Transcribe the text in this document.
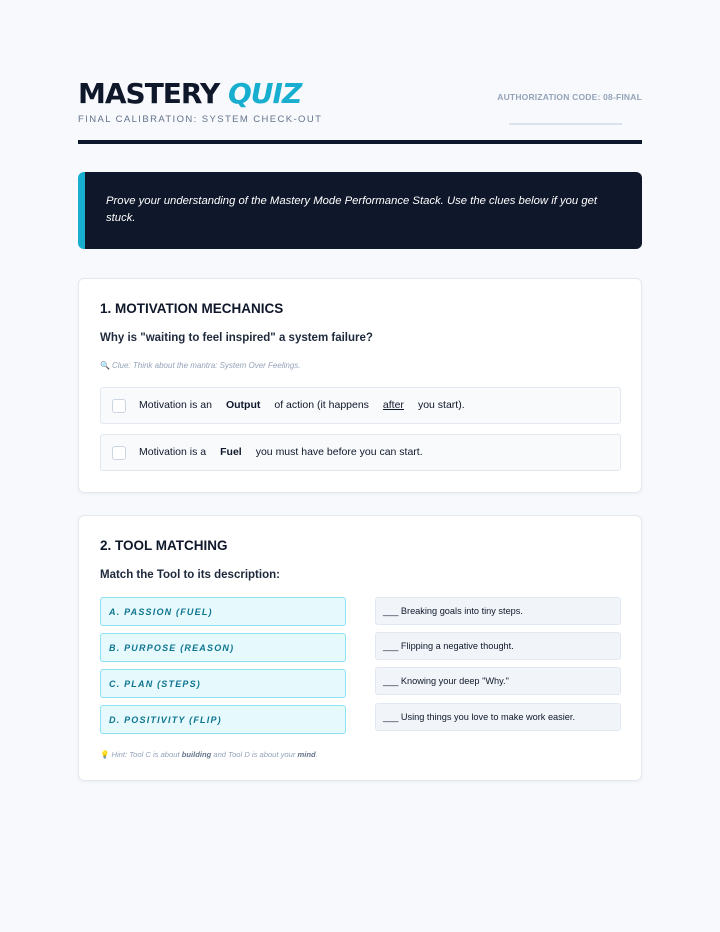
MASTERY QUIZ
FINAL CALIBRATION: SYSTEM CHECK-OUT
AUTHORIZATION CODE: 08-FINAL

Prove your understanding of the Mastery Mode Performance Stack. Use the clues below if you get stuck.

1. MOTIVATION MECHANICS
Why is "waiting to feel inspired" a system failure?
🔍 Clue: Think about the mantra: System Over Feelings.
Motivation is an Output of action (it happens after you start).
Motivation is a Fuel you must have before you can start.
2. TOOL MATCHING
Match the Tool to its description:
A. PASSION (FUEL)
B. PURPOSE (REASON)
C. PLAN (STEPS)
D. POSITIVITY (FLIP)
___ Breaking goals into tiny steps.
___ Flipping a negative thought.
___ Knowing your deep "Why."
___ Using things you love to make work easier.
💡 Hint: Tool C is about building and Tool D is about your mind.
